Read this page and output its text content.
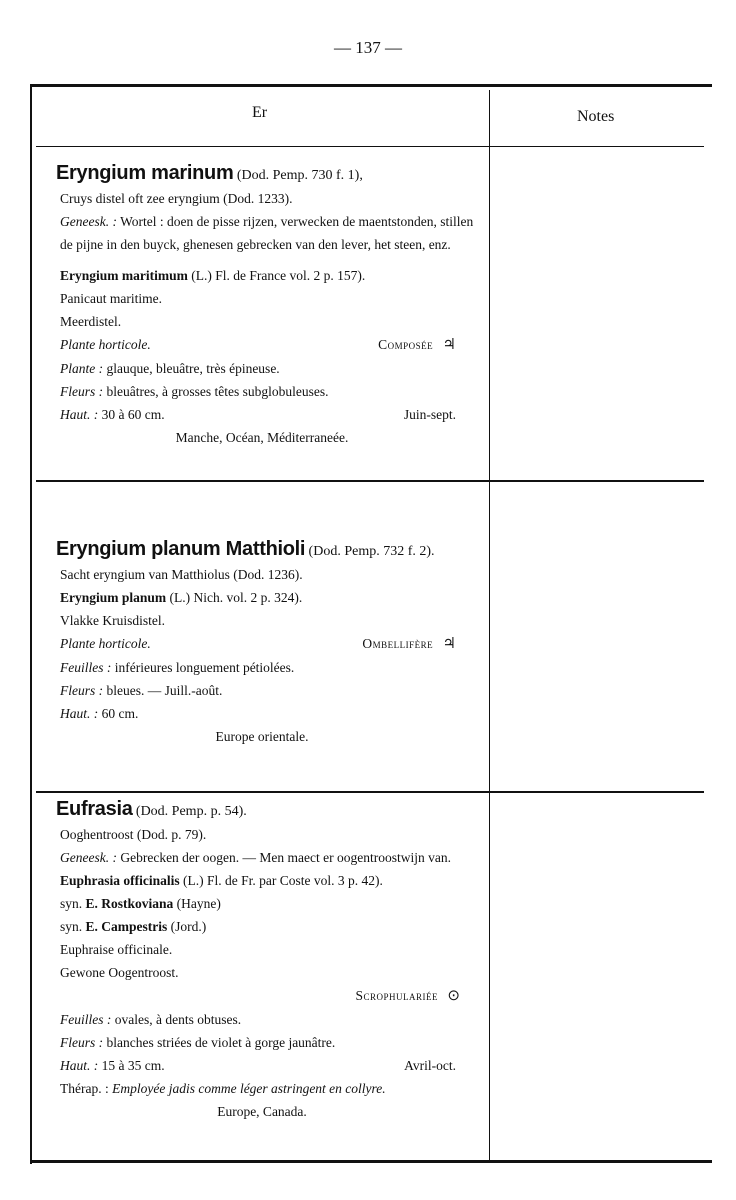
— 137 —
Er	Notes

Eryngium marinum (Dod. Pemp. 730 f. 1),

Cruys distel oft zee eryngium (Dod. 1233).

Geneesk. : Wortel : doen de pisse rijzen, verwecken de maentstonden, stillen de pijne in den buyck, ghenesen gebrecken van den lever, het steen, enz.

Eryngium maritimum (L.) Fl. de France vol. 2 p. 157).

Panicaut maritime.

Meerdistel.

Plante horticole.	Composée ♃

Plante : glauque, bleuâtre, très épineuse.

Fleurs : bleuâtres, à grosses têtes subglobuleuses.

Haut. : 30 à 60 cm.	Juin-sept.

Manche, Océan, Méditerraneée.

Eryngium planum Matthioli (Dod. Pemp. 732 f. 2).

Sacht eryngium van Matthiolus (Dod. 1236).

Eryngium planum (L.) Nich. vol. 2 p. 324).

Vlakke Kruisdistel.

Plante horticole.	Ombellifère ♃

Feuilles : inférieures longuement pétiolées.

Fleurs : bleues. — Juill.-août.

Haut. : 60 cm.

Europe orientale.

Eufrasia (Dod. Pemp. p. 54).

Ooghentroost (Dod. p. 79).

Geneesk. : Gebrecken der oogen. — Men maect er oogentroostwijn van.

Euphrasia officinalis (L.) Fl. de Fr. par Coste vol. 3 p. 42).

syn. E. Rostkoviana (Hayne)

syn. E. Campestris (Jord.)

Euphraise officinale.

Gewone Oogentroost.

Scrophulariée ⊙

Feuilles : ovales, à dents obtuses.

Fleurs : blanches striées de violet à gorge jaunâtre.

Haut. : 15 à 35 cm.	Avril-oct.

Thérap. : Employée jadis comme léger astringent en collyre.

Europe, Canada.
